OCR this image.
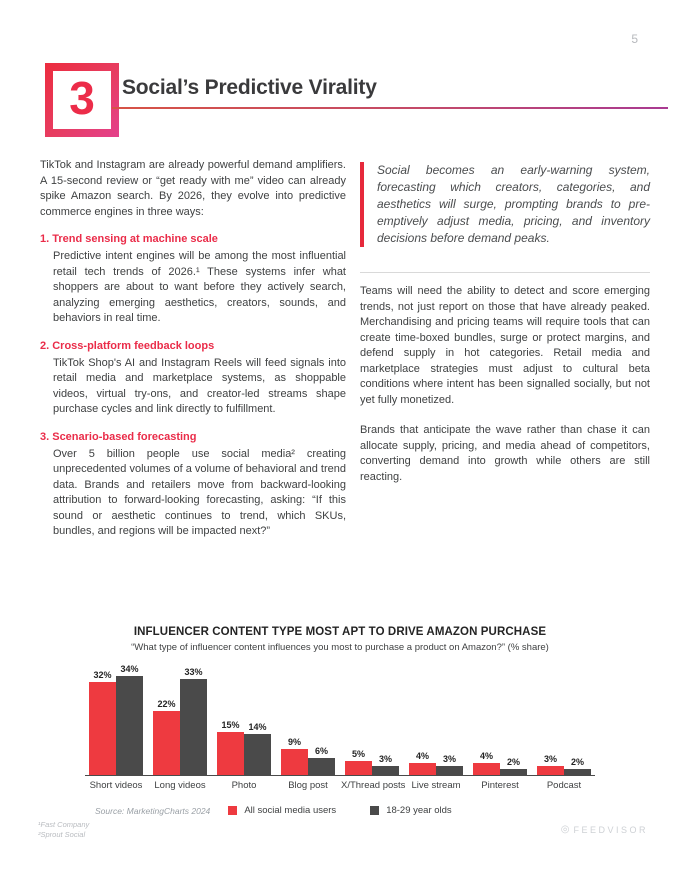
5
3 Social’s Predictive Virality

TikTok and Instagram are already powerful demand amplifiers. A 15-second review or “get ready with me” video can already spike Amazon search. By 2026, they evolve into predictive commerce engines in three ways:

1. Trend sensing at machine scale

Predictive intent engines will be among the most influential retail tech trends of 2026.¹ These systems infer what shoppers are about to want before they actively search, analyzing emerging aesthetics, creators, sounds, and behaviors in real time.

2. Cross-platform feedback loops

TikTok Shop's AI and Instagram Reels will feed signals into retail media and marketplace systems, as shoppable videos, virtual try-ons, and creator-led streams shape purchase cycles and link directly to fulfillment.

3. Scenario-based forecasting

Over 5 billion people use social media² creating unprecedented volumes of a volume of behavioral and trend data. Brands and retailers move from backward-looking attribution to forward-looking forecasting, asking: “If this sound or aesthetic continues to trend, which SKUs, bundles, and regions will be impacted next?”

Social becomes an early-warning system, forecasting which creators, categories, and aesthetics will surge, prompting brands to pre-emptively adjust media, pricing, and inventory decisions before demand peaks.

Teams will need the ability to detect and score emerging trends, not just report on those that have already peaked. Merchandising and pricing teams will require tools that can create time-boxed bundles, surge or protect margins, and defend supply in hot categories. Retail media and marketplace strategies must adjust to cultural beta conditions where intent has been signalled socially, but not yet fully monetized.

Brands that anticipate the wave rather than chase it can allocate supply, pricing, and media ahead of competitors, converting demand into growth while others are still reacting.

INFLUENCER CONTENT TYPE MOST APT TO DRIVE AMAZON PURCHASE
“What type of influencer content influences you most to purchase a product on Amazon?” (% share)
32%
34%
22%
33%
15% 14%
9%
6%	5%
3%	4% 3%	4%
2%	3% 2%
Short videos	Long videos	Photo	Blog post	X/Thread posts Live stream	Pinterest	Podcast
Source: MarketingCharts 2024	All social media users	18-29 year olds
¹Fast Company
²Sprout Social	◎ FEEDVISOR
